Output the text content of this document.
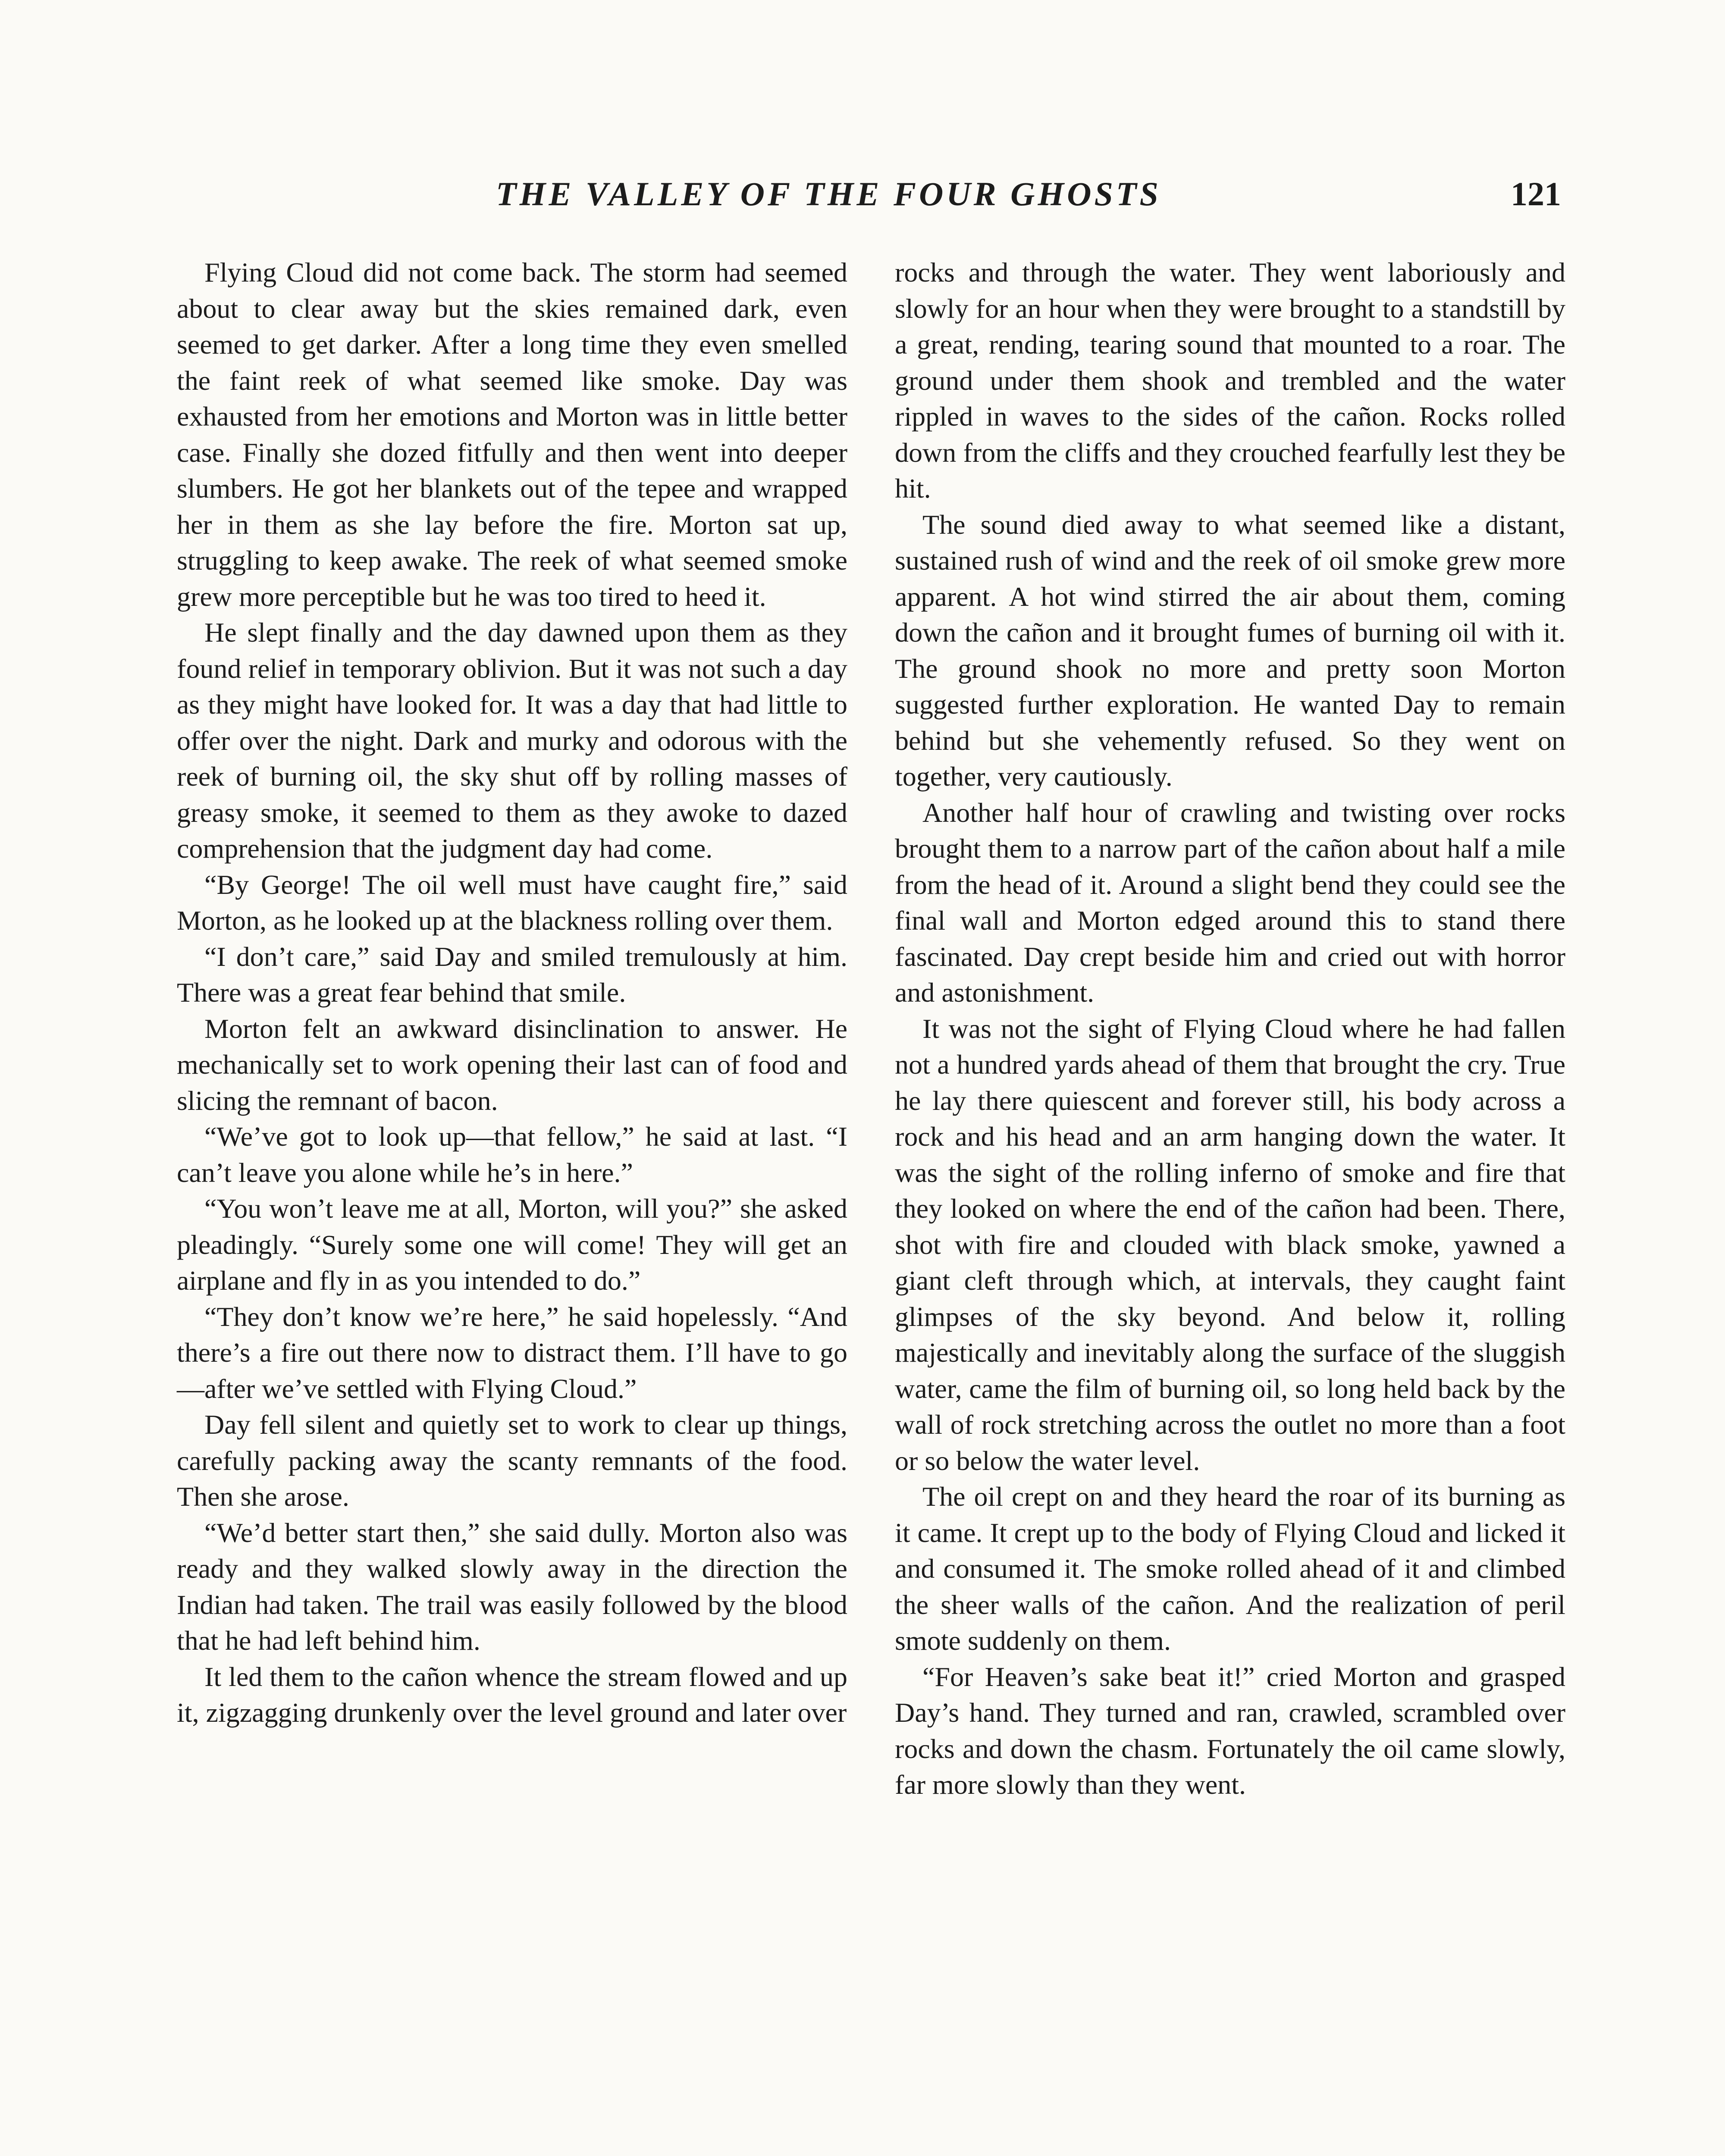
THE VALLEY OF THE FOUR GHOSTS	121

Flying Cloud did not come back. The storm had seemed about to clear away but the skies remained dark, even seemed to get darker. After a long time they even smelled the faint reek of what seemed like smoke. Day was exhausted from her emotions and Morton was in little better case. Finally she dozed fitfully and then went into deeper slumbers. He got her blankets out of the tepee and wrapped her in them as she lay before the fire. Morton sat up, struggling to keep awake. The reek of what seemed smoke grew more perceptible but he was too tired to heed it.

He slept finally and the day dawned upon them as they found relief in temporary oblivion. But it was not such a day as they might have looked for. It was a day that had little to offer over the night. Dark and murky and odorous with the reek of burning oil, the sky shut off by rolling masses of greasy smoke, it seemed to them as they awoke to dazed comprehension that the judgment day had come.

“By George! The oil well must have caught fire,” said Morton, as he looked up at the blackness rolling over them.

“I don’t care,” said Day and smiled tremulously at him. There was a great fear behind that smile.

Morton felt an awkward disinclination to answer. He mechanically set to work opening their last can of food and slicing the remnant of bacon.

“We’ve got to look up—that fellow,” he said at last. “I can’t leave you alone while he’s in here.”

“You won’t leave me at all, Morton, will you?” she asked pleadingly. “Surely some one will come! They will get an airplane and fly in as you intended to do.”

“They don’t know we’re here,” he said hopelessly. “And there’s a fire out there now to distract them. I’ll have to go—after we’ve settled with Flying Cloud.”

Day fell silent and quietly set to work to clear up things, carefully packing away the scanty remnants of the food. Then she arose.

“We’d better start then,” she said dully. Morton also was ready and they walked slowly away in the direction the Indian had taken. The trail was easily followed by the blood that he had left behind him.

It led them to the cañon whence the stream flowed and up it, zigzagging drunkenly over the level ground and later over

rocks and through the water. They went laboriously and slowly for an hour when they were brought to a standstill by a great, rending, tearing sound that mounted to a roar. The ground under them shook and trembled and the water rippled in waves to the sides of the cañon. Rocks rolled down from the cliffs and they crouched fearfully lest they be hit.

The sound died away to what seemed like a distant, sustained rush of wind and the reek of oil smoke grew more apparent. A hot wind stirred the air about them, coming down the cañon and it brought fumes of burning oil with it. The ground shook no more and pretty soon Morton suggested further exploration. He wanted Day to remain behind but she vehemently refused. So they went on together, very cautiously.

Another half hour of crawling and twisting over rocks brought them to a narrow part of the cañon about half a mile from the head of it. Around a slight bend they could see the final wall and Morton edged around this to stand there fascinated. Day crept beside him and cried out with horror and astonishment.

It was not the sight of Flying Cloud where he had fallen not a hundred yards ahead of them that brought the cry. True he lay there quiescent and forever still, his body across a rock and his head and an arm hanging down the water. It was the sight of the rolling inferno of smoke and fire that they looked on where the end of the cañon had been. There, shot with fire and clouded with black smoke, yawned a giant cleft through which, at intervals, they caught faint glimpses of the sky beyond. And below it, rolling majestically and inevitably along the surface of the sluggish water, came the film of burning oil, so long held back by the wall of rock stretching across the outlet no more than a foot or so below the water level.

The oil crept on and they heard the roar of its burning as it came. It crept up to the body of Flying Cloud and licked it and consumed it. The smoke rolled ahead of it and climbed the sheer walls of the cañon. And the realization of peril smote suddenly on them.

“For Heaven’s sake beat it!” cried Morton and grasped Day’s hand. They turned and ran, crawled, scrambled over rocks and down the chasm. Fortunately the oil came slowly, far more slowly than they went.
